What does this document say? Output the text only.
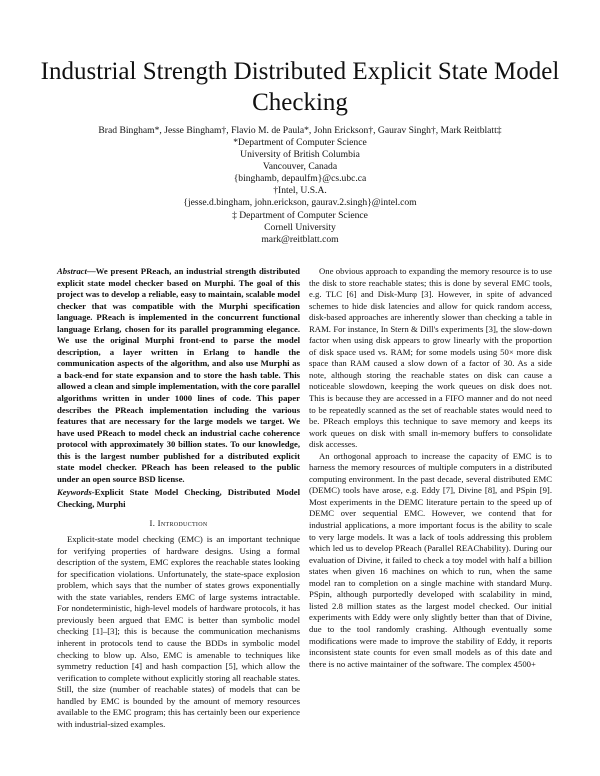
Industrial Strength Distributed Explicit State Model Checking
Brad Bingham*, Jesse Bingham†, Flavio M. de Paula*, John Erickson†, Gaurav Singh†, Mark Reitblatt‡
*Department of Computer Science
University of British Columbia
Vancouver, Canada
{binghamb, depaulfm}@cs.ubc.ca
†Intel, U.S.A.
{jesse.d.bingham, john.erickson, gaurav.2.singh}@intel.com
‡ Department of Computer Science
Cornell University
mark@reitblatt.com
Abstract—We present PReach, an industrial strength distributed explicit state model checker based on Murphi. The goal of this project was to develop a reliable, easy to maintain, scalable model checker that was compatible with the Murphi specification language. PReach is implemented in the concurrent functional language Erlang, chosen for its parallel programming elegance. We use the original Murphi front-end to parse the model description, a layer written in Erlang to handle the communication aspects of the algorithm, and also use Murphi as a back-end for state expansion and to store the hash table. This allowed a clean and simple implementation, with the core parallel algorithms written in under 1000 lines of code. This paper describes the PReach implementation including the various features that are necessary for the large models we target. We have used PReach to model check an industrial cache coherence protocol with approximately 30 billion states. To our knowledge, this is the largest number published for a distributed explicit state model checker. PReach has been released to the public under an open source BSD license.
Keywords-Explicit State Model Checking, Distributed Model Checking, Murphi
I. Introduction

Explicit-state model checking (EMC) is an important technique for verifying properties of hardware designs. Using a formal description of the system, EMC explores the reachable states looking for specification violations. Unfortunately, the state-space explosion problem, which says that the number of states grows exponentially with the state variables, renders EMC of large systems intractable. For nondeterministic, high-level models of hardware protocols, it has previously been argued that EMC is better than symbolic model checking [1]–[3]; this is because the communication mechanisms inherent in protocols tend to cause the BDDs in symbolic model checking to blow up. Also, EMC is amenable to techniques like symmetry reduction [4] and hash compaction [5], which allow the verification to complete without explicitly storing all reachable states. Still, the size (number of reachable states) of models that can be handled by EMC is bounded by the amount of memory resources available to the EMC program; this has certainly been our experience with industrial-sized examples.

One obvious approach to expanding the memory resource is to use the disk to store reachable states; this is done by several EMC tools, e.g. TLC [6] and Disk-Murφ [3]. However, in spite of advanced schemes to hide disk latencies and allow for quick random access, disk-based approaches are inherently slower than checking a table in RAM. For instance, In Stern & Dill's experiments [3], the slow-down factor when using disk appears to grow linearly with the proportion of disk space used vs. RAM; for some models using 50× more disk space than RAM caused a slow down of a factor of 30. As a side note, although storing the reachable states on disk can cause a noticeable slowdown, keeping the work queues on disk does not. This is because they are accessed in a FIFO manner and do not need to be repeatedly scanned as the set of reachable states would need to be. PReach employs this technique to save memory and keeps its work queues on disk with small in-memory buffers to consolidate disk accesses.

An orthogonal approach to increase the capacity of EMC is to harness the memory resources of multiple computers in a distributed computing environment. In the past decade, several distributed EMC (DEMC) tools have arose, e.g. Eddy [7], Divine [8], and PSpin [9]. Most experiments in the DEMC literature pertain to the speed up of DEMC over sequential EMC. However, we contend that for industrial applications, a more important focus is the ability to scale to very large models. It was a lack of tools addressing this problem which led us to develop PReach (Parallel REAChability). During our evaluation of Divine, it failed to check a toy model with half a billion states when given 16 machines on which to run, when the same model ran to completion on a single machine with standard Murφ. PSpin, although purportedly developed with scalability in mind, listed 2.8 million states as the largest model checked. Our initial experiments with Eddy were only slightly better than that of Divine, due to the tool randomly crashing. Although eventually some modifications were made to improve the stability of Eddy, it reports inconsistent state counts for even small models as of this date and there is no active maintainer of the software. The complex 4500+
